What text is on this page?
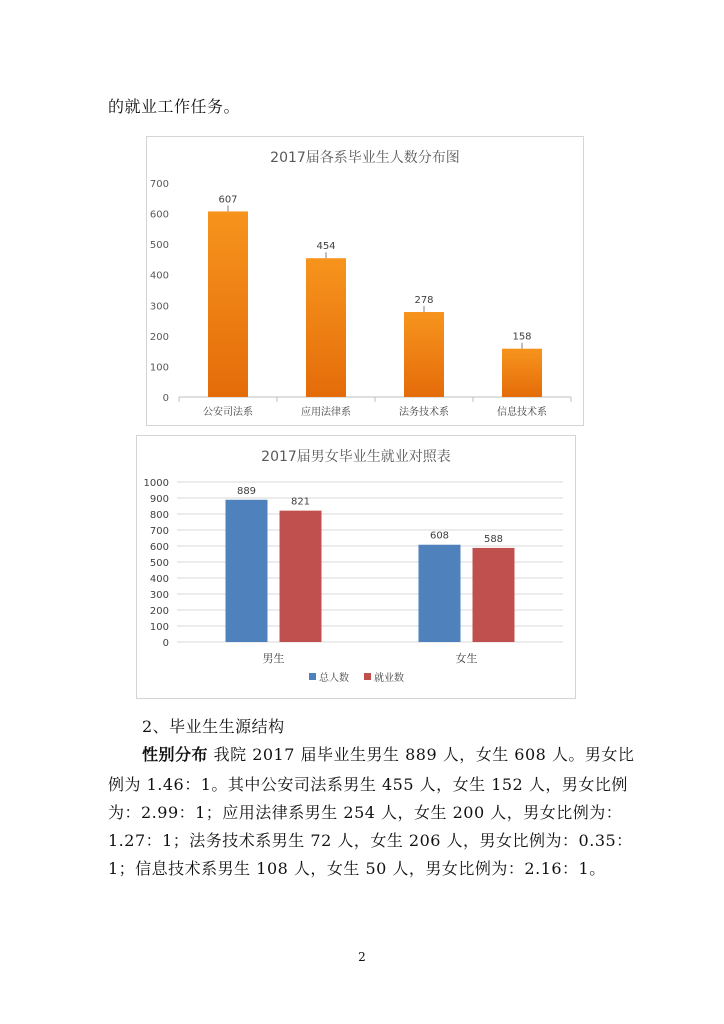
的就业工作任务。
2017届各系毕业生人数分布图
0
100
200
300
400
500
600
700
607
公安司法系
454
应用法律系
278
法务技术系
158
信息技术系
2017届男女毕业生就业对照表
0
100
200
300
400
500
600
700
800
900
1000
889
821
男生
608	588
女生
总人数	就业数
2、毕业生生源结构
性别分布 我院 2017 届毕业生男生 889 人，女生 608 人。男女比
例为 1.46：1。其中公安司法系男生 455 人，女生 152 人，男女比例
为：2.99：1；应用法律系男生 254 人，女生 200 人，男女比例为：
1.27：1；法务技术系男生 72 人，女生 206 人，男女比例为：0.35：
1；信息技术系男生 108 人，女生 50 人，男女比例为：2.16：1。
2
